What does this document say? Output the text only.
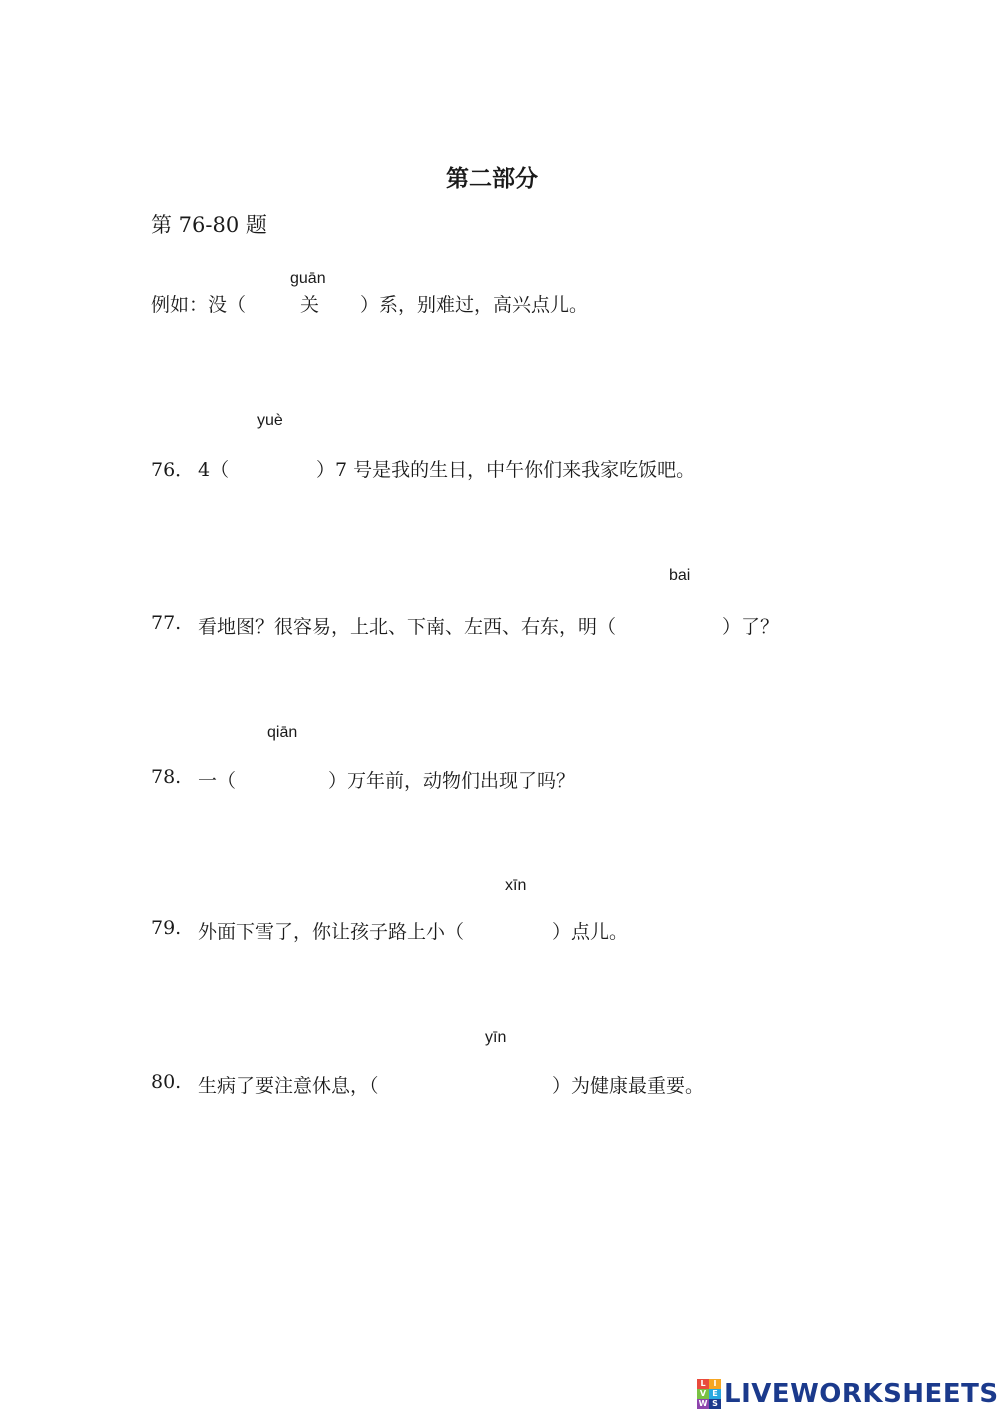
第二部分
第 76-80 题
guān
例如：没（	关 ）系，别难过，高兴点儿。
yuè
76． 4（	）7 号是我的生日，中午你们来我家吃饭吧。
bai
77. 看地图？很容易，上北、下南、左西、右东，明（	）了？
qiān
78. 一（	）万年前，动物们出现了吗？
xīn
79. 外面下雪了，你让孩子路上小（	）点儿。
yīn
80. 生病了要注意休息，（	）为健康最重要。
L I
V E
W S LIVEWORKSHEETS
